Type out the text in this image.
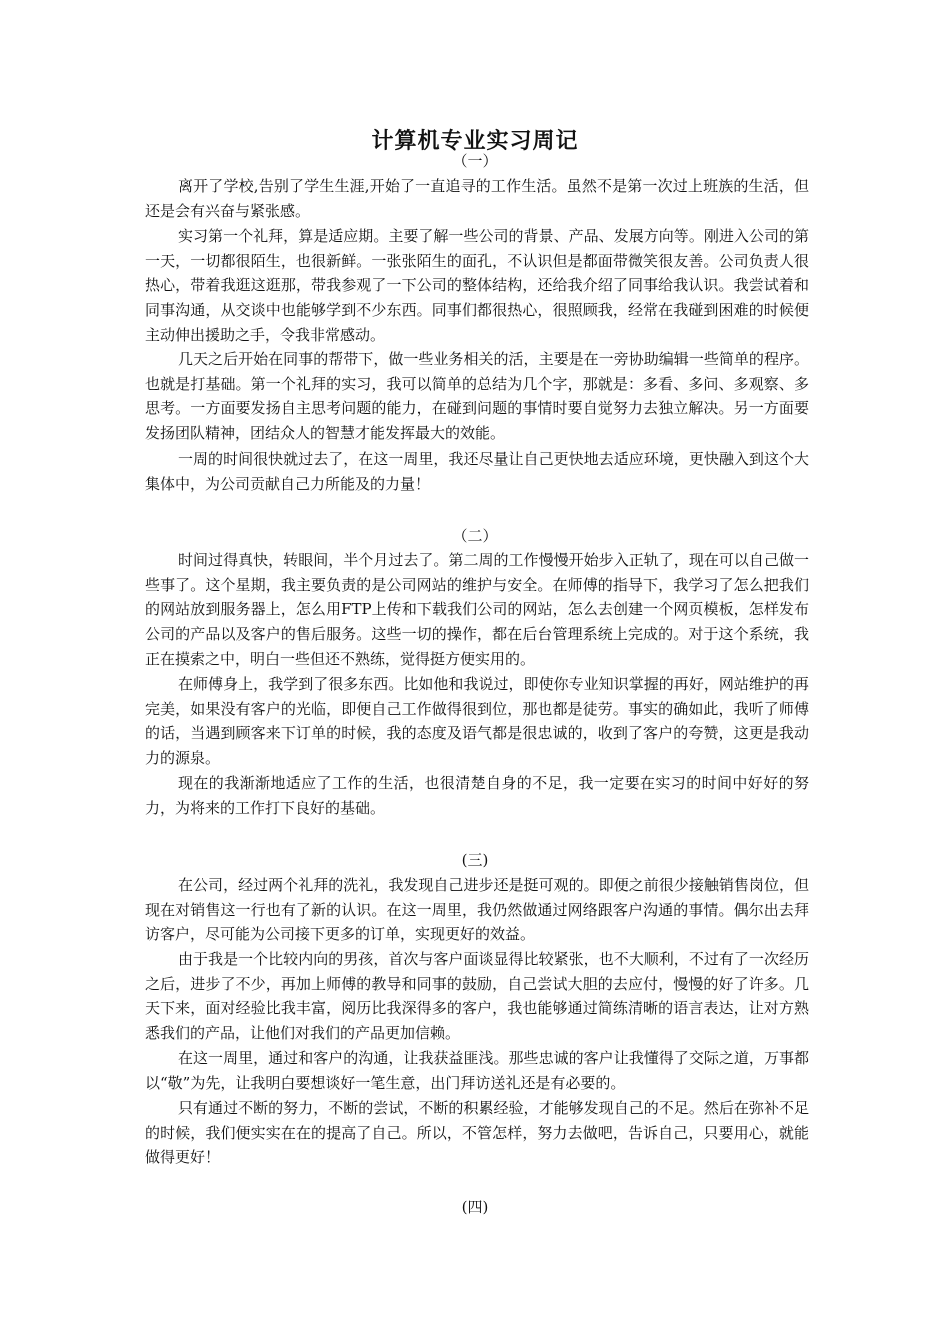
计算机专业实习周记
（一）

离开了学校,告别了学生生涯,开始了一直追寻的工作生活。虽然不是第一次过上班族的生活，但还是会有兴奋与紧张感。

实习第一个礼拜，算是适应期。主要了解一些公司的背景、产品、发展方向等。刚进入公司的第一天，一切都很陌生，也很新鲜。一张张陌生的面孔，不认识但是都面带微笑很友善。公司负责人很热心，带着我逛这逛那，带我参观了一下公司的整体结构，还给我介绍了同事给我认识。我尝试着和同事沟通，从交谈中也能够学到不少东西。同事们都很热心，很照顾我，经常在我碰到困难的时候便主动伸出援助之手，令我非常感动。

几天之后开始在同事的帮带下，做一些业务相关的活，主要是在一旁协助编辑一些简单的程序。也就是打基础。第一个礼拜的实习，我可以简单的总结为几个字，那就是：多看、多问、多观察、多思考。一方面要发扬自主思考问题的能力，在碰到问题的事情时要自觉努力去独立解决。另一方面要发扬团队精神，团结众人的智慧才能发挥最大的效能。

一周的时间很快就过去了，在这一周里，我还尽量让自己更快地去适应环境，更快融入到这个大集体中，为公司贡献自己力所能及的力量！

（二）

时间过得真快，转眼间，半个月过去了。第二周的工作慢慢开始步入正轨了，现在可以自己做一些事了。这个星期，我主要负责的是公司网站的维护与安全。在师傅的指导下，我学习了怎么把我们的网站放到服务器上，怎么用FTP上传和下载我们公司的网站，怎么去创建一个网页模板，怎样发布公司的产品以及客户的售后服务。这些一切的操作，都在后台管理系统上完成的。对于这个系统，我正在摸索之中，明白一些但还不熟练，觉得挺方便实用的。

在师傅身上，我学到了很多东西。比如他和我说过，即使你专业知识掌握的再好，网站维护的再完美，如果没有客户的光临，即便自己工作做得很到位，那也都是徒劳。事实的确如此，我听了师傅的话，当遇到顾客来下订单的时候，我的态度及语气都是很忠诚的，收到了客户的夸赞，这更是我动力的源泉。

现在的我渐渐地适应了工作的生活，也很清楚自身的不足，我一定要在实习的时间中好好的努力，为将来的工作打下良好的基础。

(三)

在公司，经过两个礼拜的洗礼，我发现自己进步还是挺可观的。即便之前很少接触销售岗位，但现在对销售这一行也有了新的认识。在这一周里，我仍然做通过网络跟客户沟通的事情。偶尔出去拜访客户，尽可能为公司接下更多的订单，实现更好的效益。

由于我是一个比较内向的男孩，首次与客户面谈显得比较紧张，也不大顺利，不过有了一次经历之后，进步了不少，再加上师傅的教导和同事的鼓励，自己尝试大胆的去应付，慢慢的好了许多。几天下来，面对经验比我丰富，阅历比我深得多的客户，我也能够通过简练清晰的语言表达，让对方熟悉我们的产品，让他们对我们的产品更加信赖。

在这一周里，通过和客户的沟通，让我获益匪浅。那些忠诚的客户让我懂得了交际之道，万事都以“敬”为先，让我明白要想谈好一笔生意，出门拜访送礼还是有必要的。

只有通过不断的努力，不断的尝试，不断的积累经验，才能够发现自己的不足。然后在弥补不足的时候，我们便实实在在的提高了自己。所以，不管怎样，努力去做吧，告诉自己，只要用心，就能做得更好！

(四)
